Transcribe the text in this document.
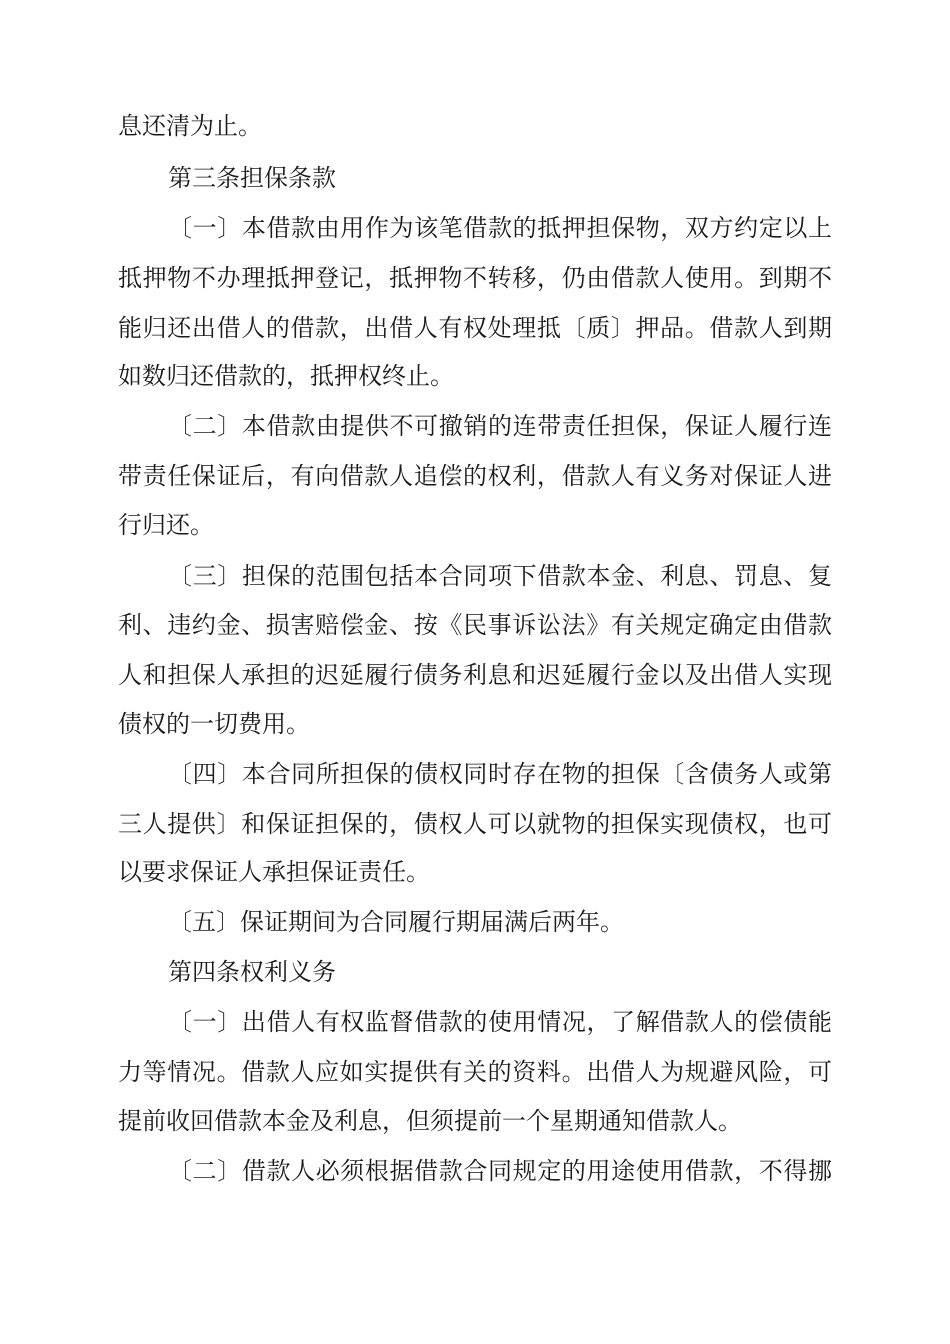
息还清为止。
第三条担保条款
〔一〕本借款由用作为该笔借款的抵押担保物，双方约定以上
抵押物不办理抵押登记，抵押物不转移，仍由借款人使用。到期不
能归还出借人的借款，出借人有权处理抵〔质〕押品。借款人到期
如数归还借款的，抵押权终止。
〔二〕本借款由提供不可撤销的连带责任担保，保证人履行连
带责任保证后，有向借款人追偿的权利，借款人有义务对保证人进
行归还。
〔三〕担保的范围包括本合同项下借款本金、利息、罚息、复
利、违约金、损害赔偿金、按《民事诉讼法》有关规定确定由借款
人和担保人承担的迟延履行债务利息和迟延履行金以及出借人实现
债权的一切费用。
〔四〕本合同所担保的债权同时存在物的担保〔含债务人或第
三人提供〕和保证担保的，债权人可以就物的担保实现债权，也可
以要求保证人承担保证责任。
〔五〕保证期间为合同履行期届满后两年。
第四条权利义务
〔一〕出借人有权监督借款的使用情况，了解借款人的偿债能
力等情况。借款人应如实提供有关的资料。出借人为规避风险，可
提前收回借款本金及利息，但须提前一个星期通知借款人。
〔二〕借款人必须根据借款合同规定的用途使用借款，不得挪
